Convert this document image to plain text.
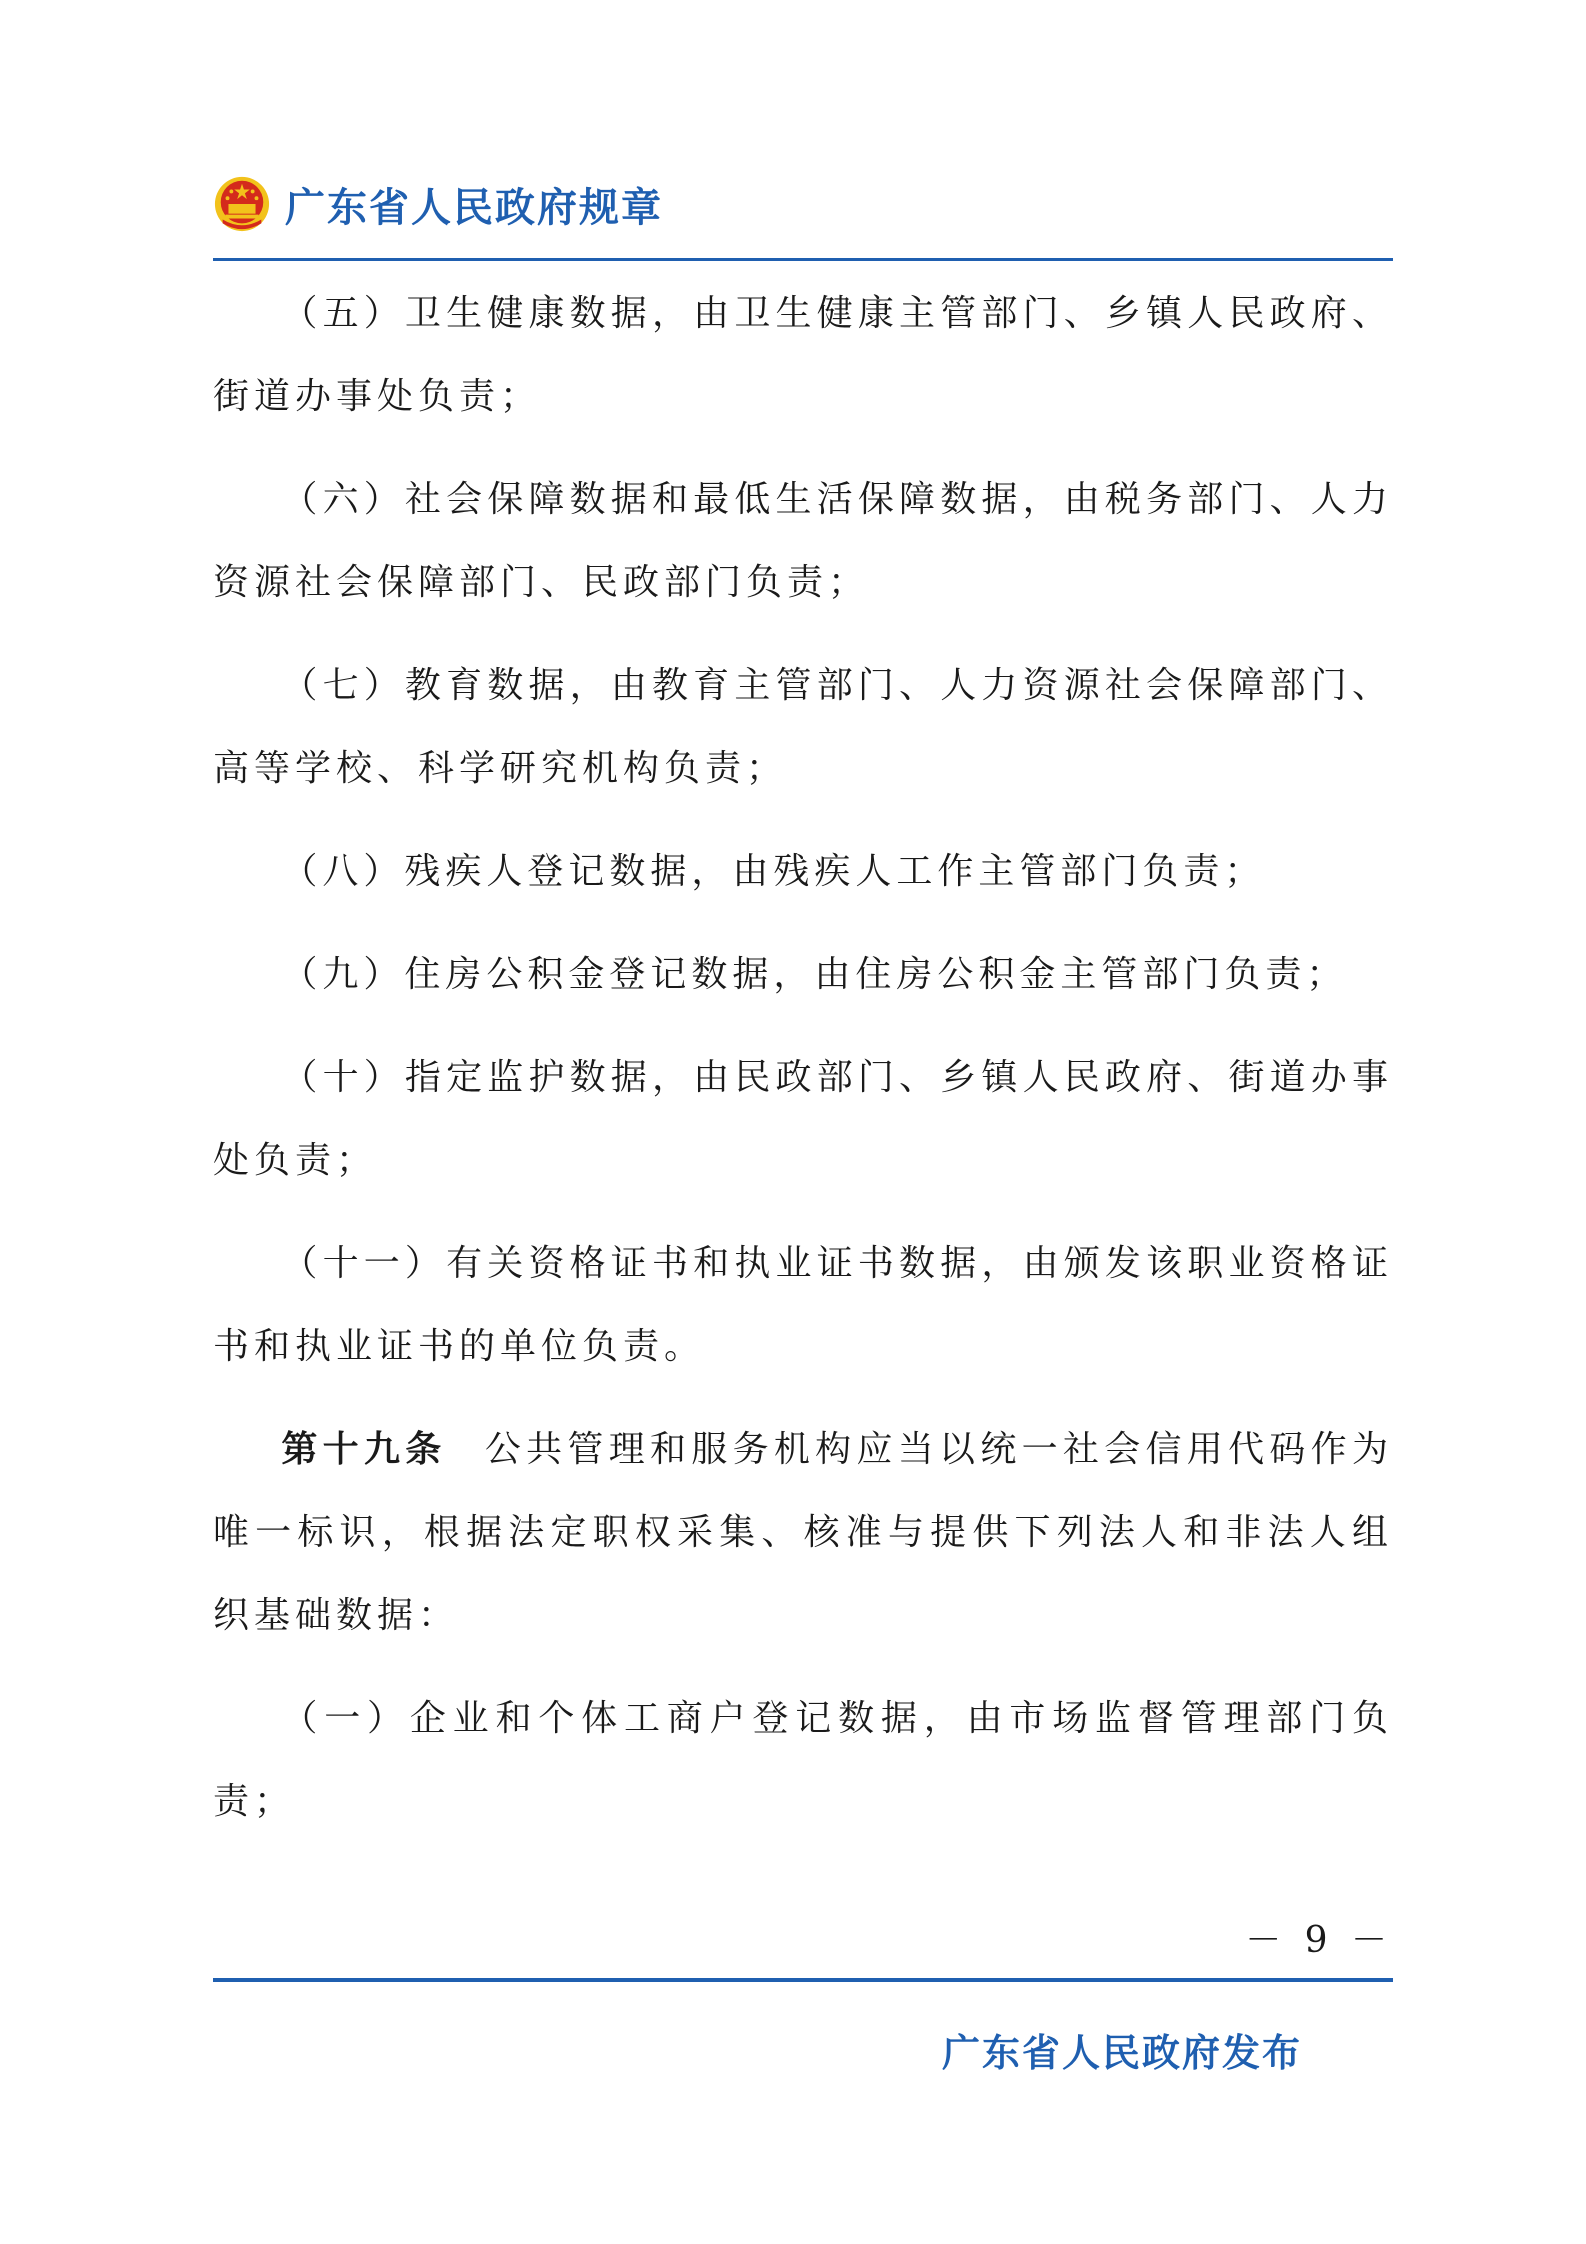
广东省人民政府规章

（五）卫生健康数据，由卫生健康主管部门、乡镇人民政府、街道办事处负责；

（六）社会保障数据和最低生活保障数据，由税务部门、人力资源社会保障部门、民政部门负责；

（七）教育数据，由教育主管部门、人力资源社会保障部门、高等学校、科学研究机构负责；

（八）残疾人登记数据，由残疾人工作主管部门负责；

（九）住房公积金登记数据，由住房公积金主管部门负责；

（十）指定监护数据，由民政部门、乡镇人民政府、街道办事处负责；

（十一）有关资格证书和执业证书数据，由颁发该职业资格证书和执业证书的单位负责。

第十九条 公共管理和服务机构应当以统一社会信用代码作为唯一标识，根据法定职权采集、核准与提供下列法人和非法人组织基础数据：

（一）企业和个体工商户登记数据，由市场监督管理部门负责；

－ 9 －
广东省人民政府发布
